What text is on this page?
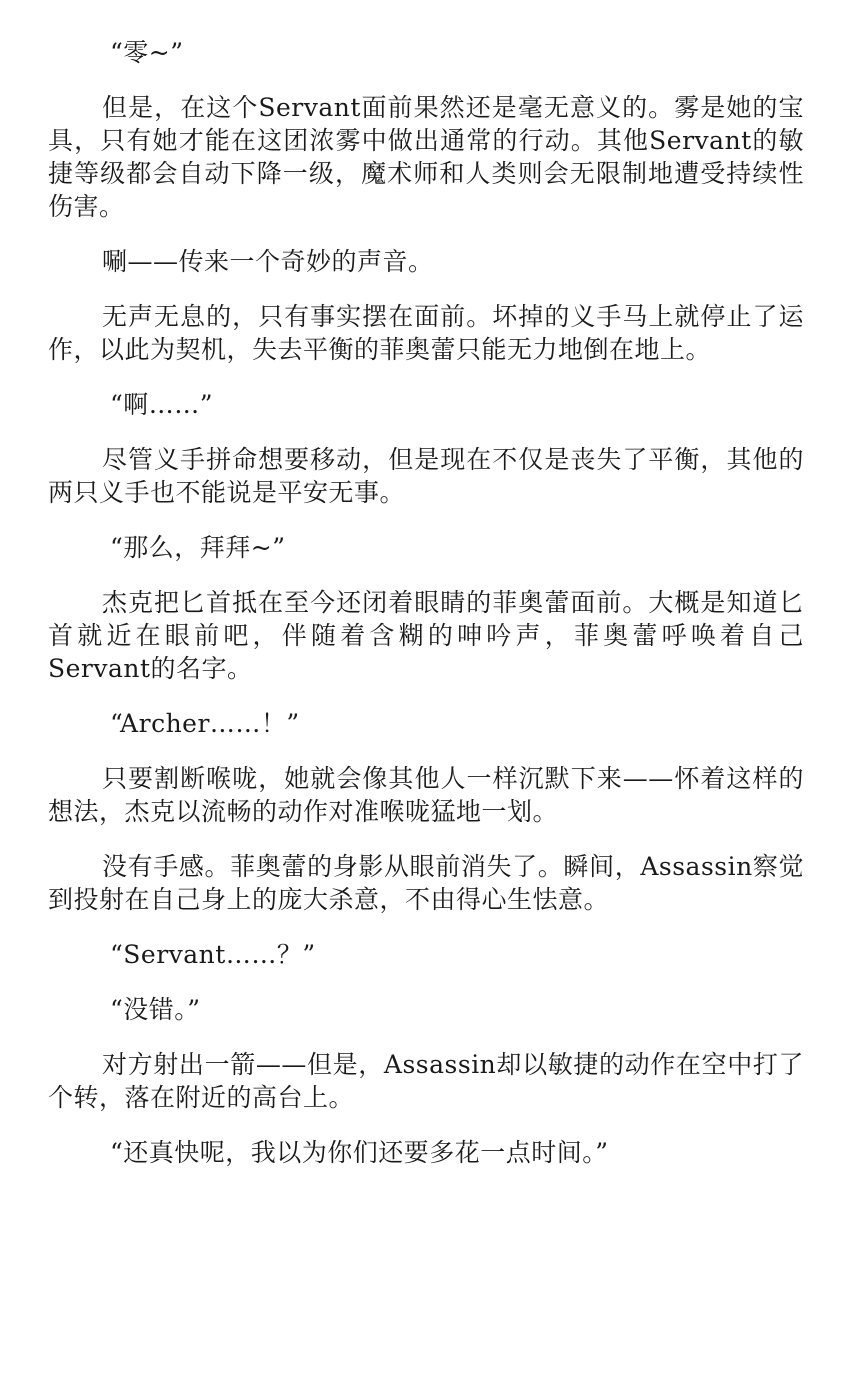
“零~”

但是，在这个Servant面前果然还是毫无意义的。雾是她的宝具，只有她才能在这团浓雾中做出通常的行动。其他Servant的敏捷等级都会自动下降一级，魔术师和人类则会无限制地遭受持续性伤害。

唰——传来一个奇妙的声音。

无声无息的，只有事实摆在面前。坏掉的义手马上就停止了运作，以此为契机，失去平衡的菲奥蕾只能无力地倒在地上。

“啊……”

尽管义手拼命想要移动，但是现在不仅是丧失了平衡，其他的两只义手也不能说是平安无事。

“那么，拜拜~”

杰克把匕首抵在至今还闭着眼睛的菲奥蕾面前。大概是知道匕首就近在眼前吧，伴随着含糊的呻吟声，菲奥蕾呼唤着自己Servant的名字。

“Archer……！”

只要割断喉咙，她就会像其他人一样沉默下来——怀着这样的想法，杰克以流畅的动作对准喉咙猛地一划。

没有手感。菲奥蕾的身影从眼前消失了。瞬间，Assassin察觉到投射在自己身上的庞大杀意，不由得心生怯意。

“Servant……？”

“没错。”

对方射出一箭——但是，Assassin却以敏捷的动作在空中打了个转，落在附近的高台上。

“还真快呢，我以为你们还要多花一点时间。”
